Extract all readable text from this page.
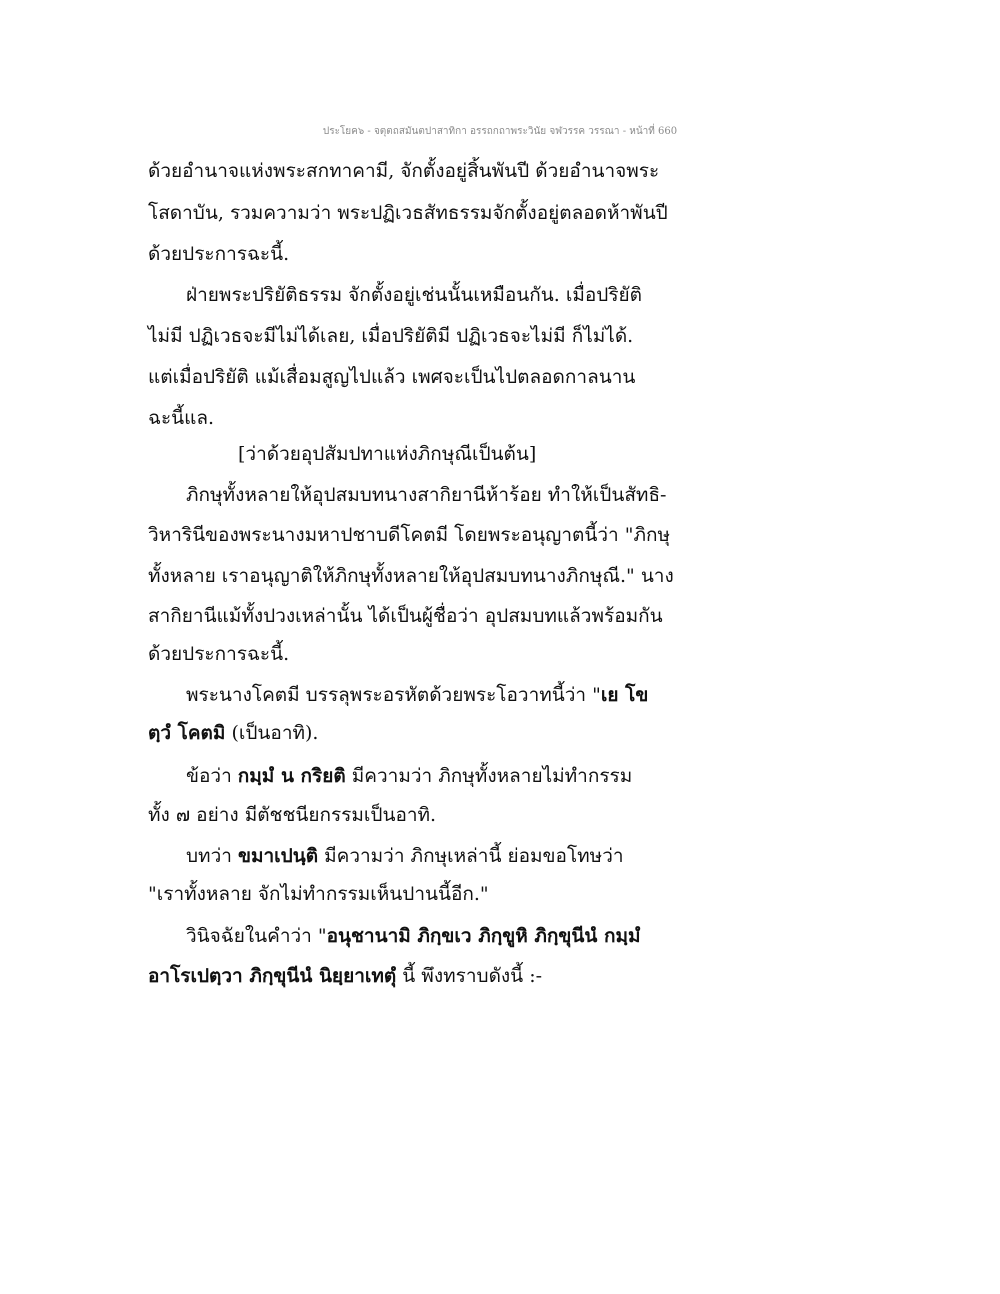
ประโยค๖ - จตุตถสมันตปาสาทิกา อรรถกถาพระวินัย จฬวรรค วรรณา - หน้าที่ 660
ด้วยอำนาจแห่งพระสกทาคามี, จักตั้งอยู่สิ้นพันปี ด้วยอำนาจพระ
โสดาบัน, รวมความว่า พระปฏิเวธสัทธรรมจักตั้งอยู่ตลอดห้าพันปี
ด้วยประการฉะนี้.
ฝ่ายพระปริยัติธรรม จักตั้งอยู่เช่นนั้นเหมือนกัน. เมื่อปริยัติ
ไม่มี ปฏิเวธจะมีไม่ได้เลย, เมื่อปริยัติมี ปฏิเวธจะไม่มี ก็ไม่ได้.
แต่เมื่อปริยัติ แม้เสื่อมสูญไปแล้ว เพศจะเป็นไปตลอดกาลนาน
ฉะนี้แล.
[ว่าด้วยอุปสัมปทาแห่งภิกษุณีเป็นต้น]
ภิกษุทั้งหลายให้อุปสมบทนางสากิยานีห้าร้อย ทำให้เป็นสัทธิ-
วิหารินีของพระนางมหาปชาบดีโคตมี โดยพระอนุญาตนี้ว่า "ภิกษุ
ทั้งหลาย เราอนุญาติให้ภิกษุทั้งหลายให้อุปสมบทนางภิกษุณี." นาง
สากิยานีแม้ทั้งปวงเหล่านั้น ได้เป็นผู้ชื่อว่า อุปสมบทแล้วพร้อมกัน
ด้วยประการฉะนี้.
พระนางโคตมี บรรลุพระอรหัตด้วยพระโอวาทนี้ว่า "เย โข
ตฺวํ โคตมิ (เป็นอาทิ).
ข้อว่า กมฺมํ น กริยติ มีความว่า ภิกษุทั้งหลายไม่ทำกรรม
ทั้ง ๗ อย่าง มีตัชชนียกรรมเป็นอาทิ.
บทว่า ขมาเปนฺติ มีความว่า ภิกษุเหล่านี้ ย่อมขอโทษว่า
"เราทั้งหลาย จักไม่ทำกรรมเห็นปานนี้อีก."
วินิจฉัยในคำว่า "อนุชานามิ ภิกฺขเว ภิกฺขูหิ ภิกฺขุนีนํ กมฺมํ
อาโรเปตฺวา ภิกฺขุนีนํ นิยฺยาเทตุํ นี้ พึงทราบดังนี้ :-
